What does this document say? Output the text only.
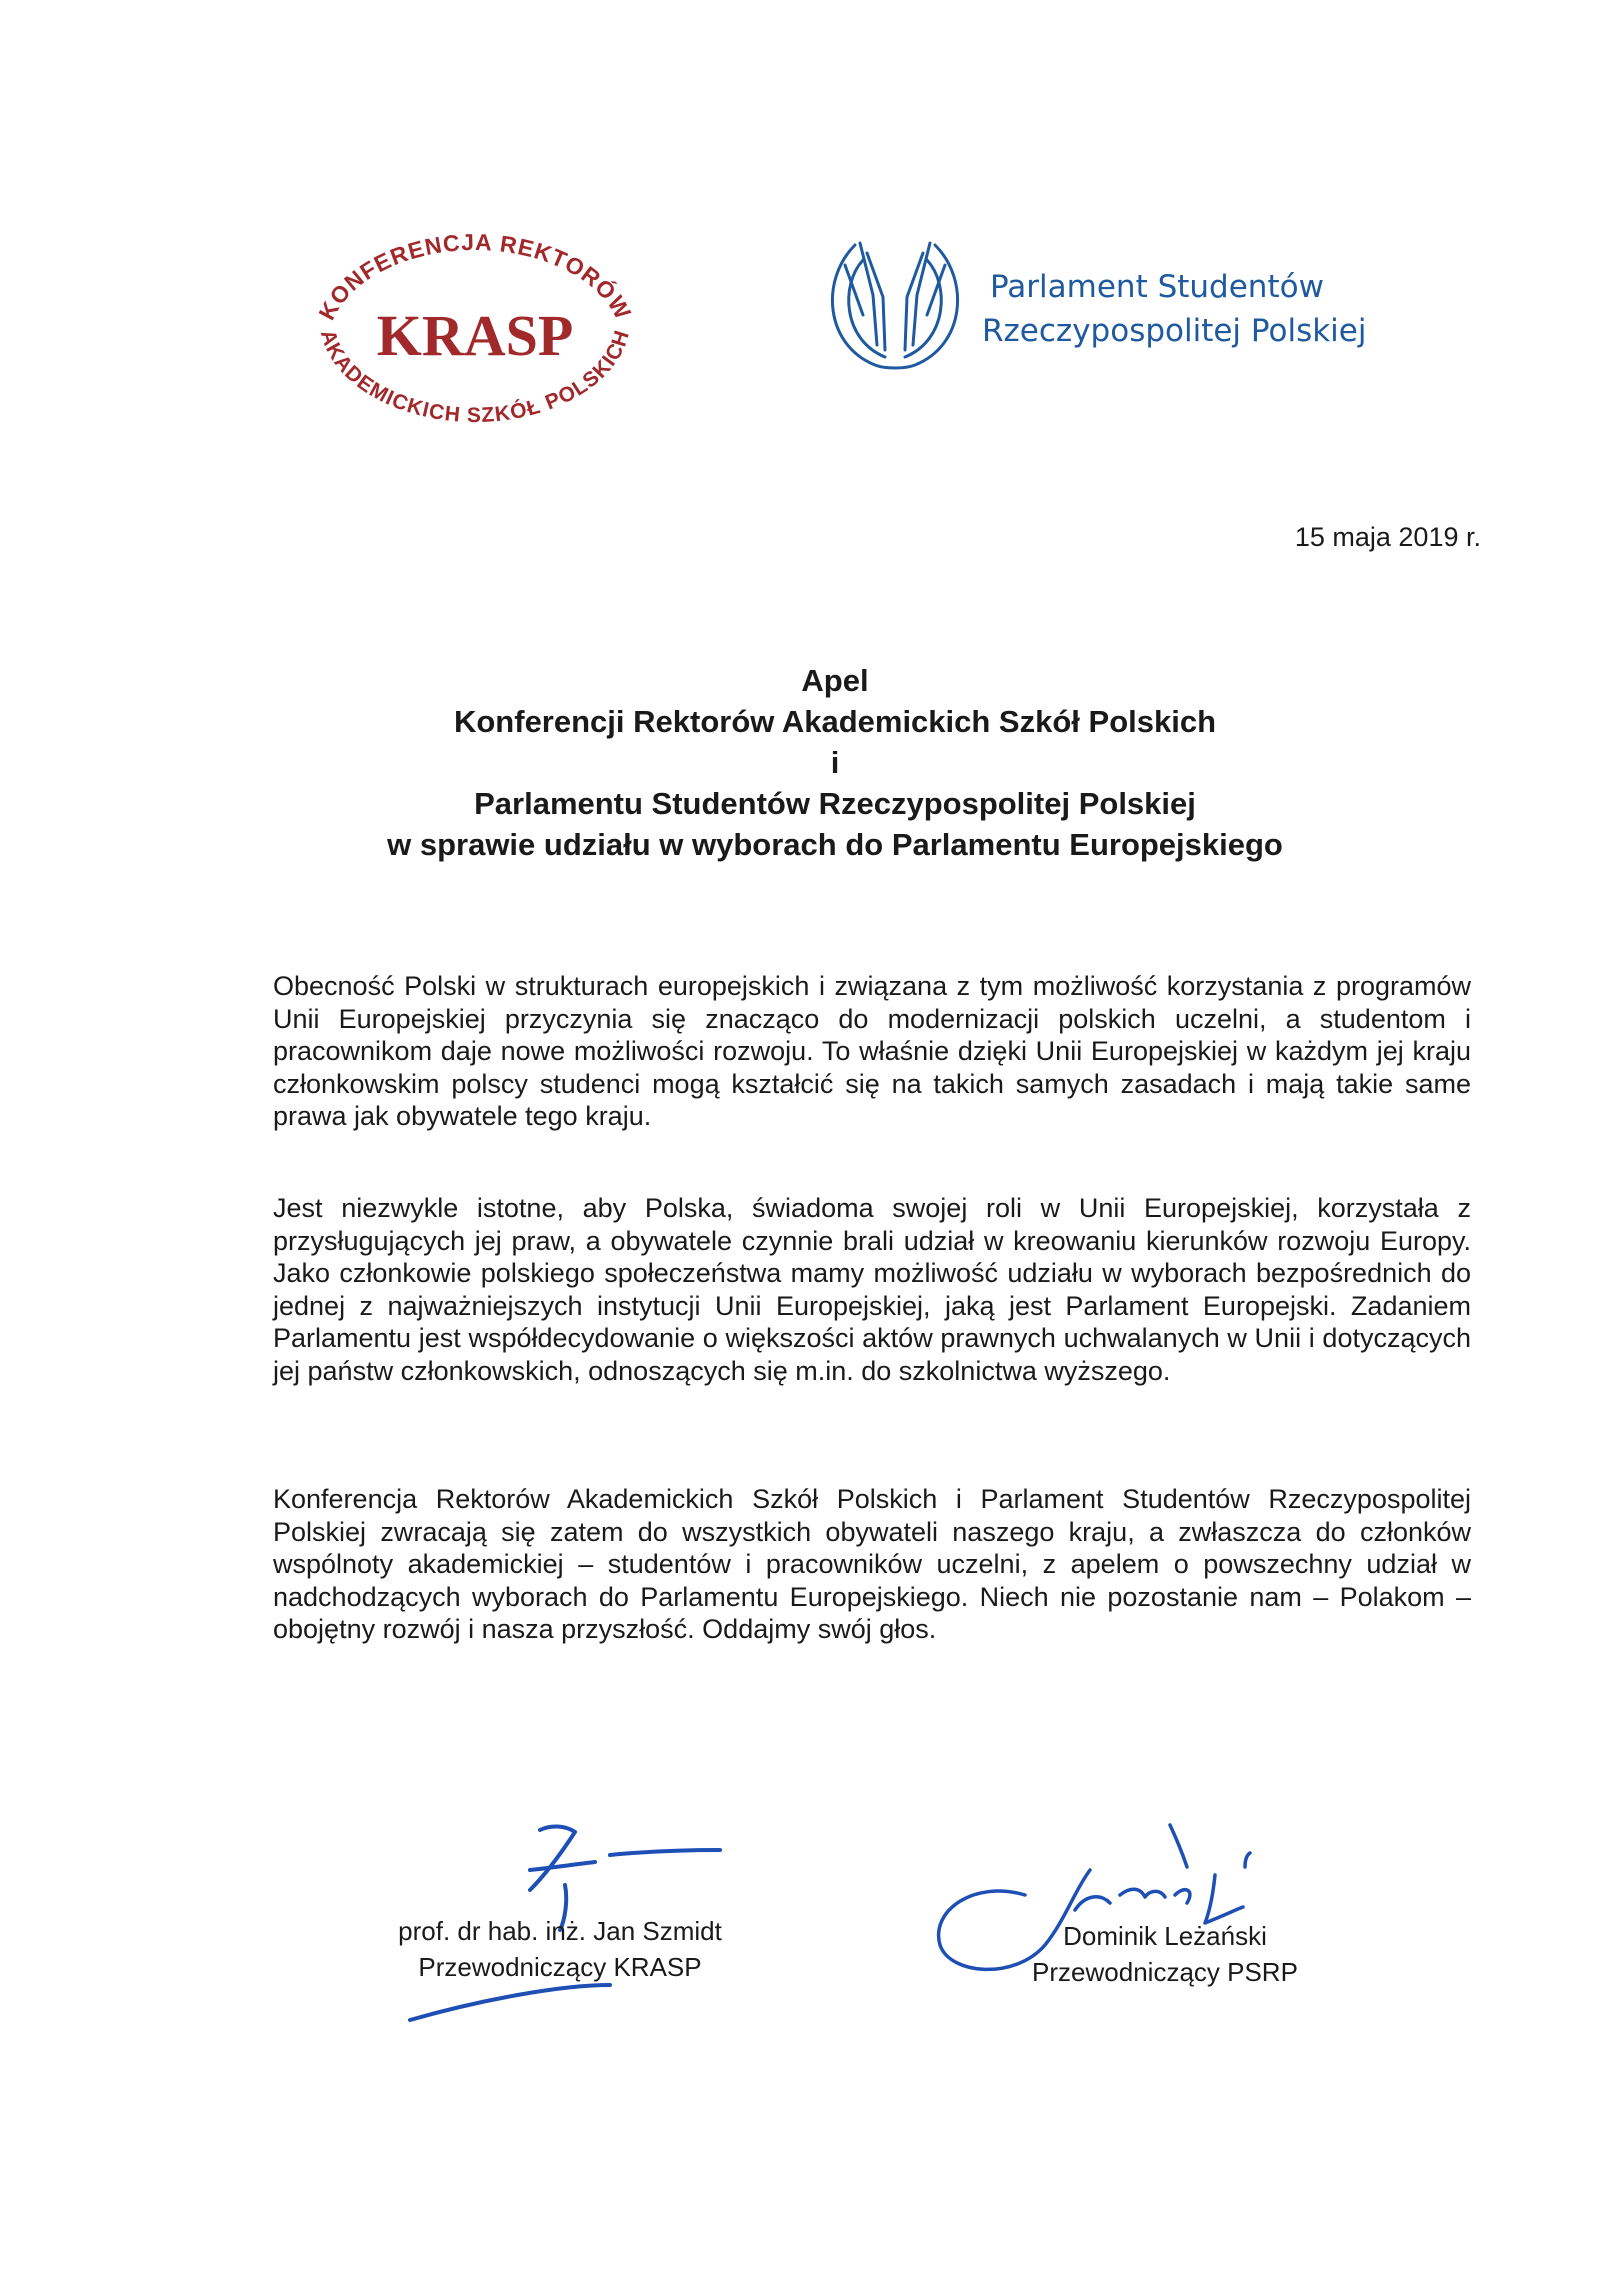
KONFERENCJA REKTORÓW
KRASP
AKADEMICKICH SZKÓŁ POLSKICH
Parlament Studentów
Rzeczypospolitej Polskiej
15 maja 2019 r.
Apel
Konferencji Rektorów Akademickich Szkół Polskich
i
Parlamentu Studentów Rzeczypospolitej Polskiej
w sprawie udziału w wyborach do Parlamentu Europejskiego

Obecność Polski w strukturach europejskich i związana z tym możliwość korzystania z programów Unii Europejskiej przyczynia się znacząco do modernizacji polskich uczelni, a studentom i pracownikom daje nowe możliwości rozwoju. To właśnie dzięki Unii Europejskiej w każdym jej kraju członkowskim polscy studenci mogą kształcić się na takich samych zasadach i mają takie same prawa jak obywatele tego kraju.

Jest niezwykle istotne, aby Polska, świadoma swojej roli w Unii Europejskiej, korzystała z przysługujących jej praw, a obywatele czynnie brali udział w kreowaniu kierunków rozwoju Europy. Jako członkowie polskiego społeczeństwa mamy możliwość udziału w wyborach bezpośrednich do jednej z najważniejszych instytucji Unii Europejskiej, jaką jest Parlament Europejski. Zadaniem Parlamentu jest współdecydowanie o większości aktów prawnych uchwalanych w Unii i dotyczących jej państw członkowskich, odnoszących się m.in. do szkolnictwa wyższego.

Konferencja Rektorów Akademickich Szkół Polskich i Parlament Studentów Rzeczypospolitej Polskiej zwracają się zatem do wszystkich obywateli naszego kraju, a zwłaszcza do członków wspólnoty akademickiej – studentów i pracowników uczelni, z apelem o powszechny udział w nadchodzących wyborach do Parlamentu Europejskiego. Niech nie pozostanie nam – Polakom – obojętny rozwój i nasza przyszłość. Oddajmy swój głos.

prof. dr hab. inż. Jan Szmidt
Przewodniczący KRASP
Dominik Leżański
Przewodniczący PSRP
